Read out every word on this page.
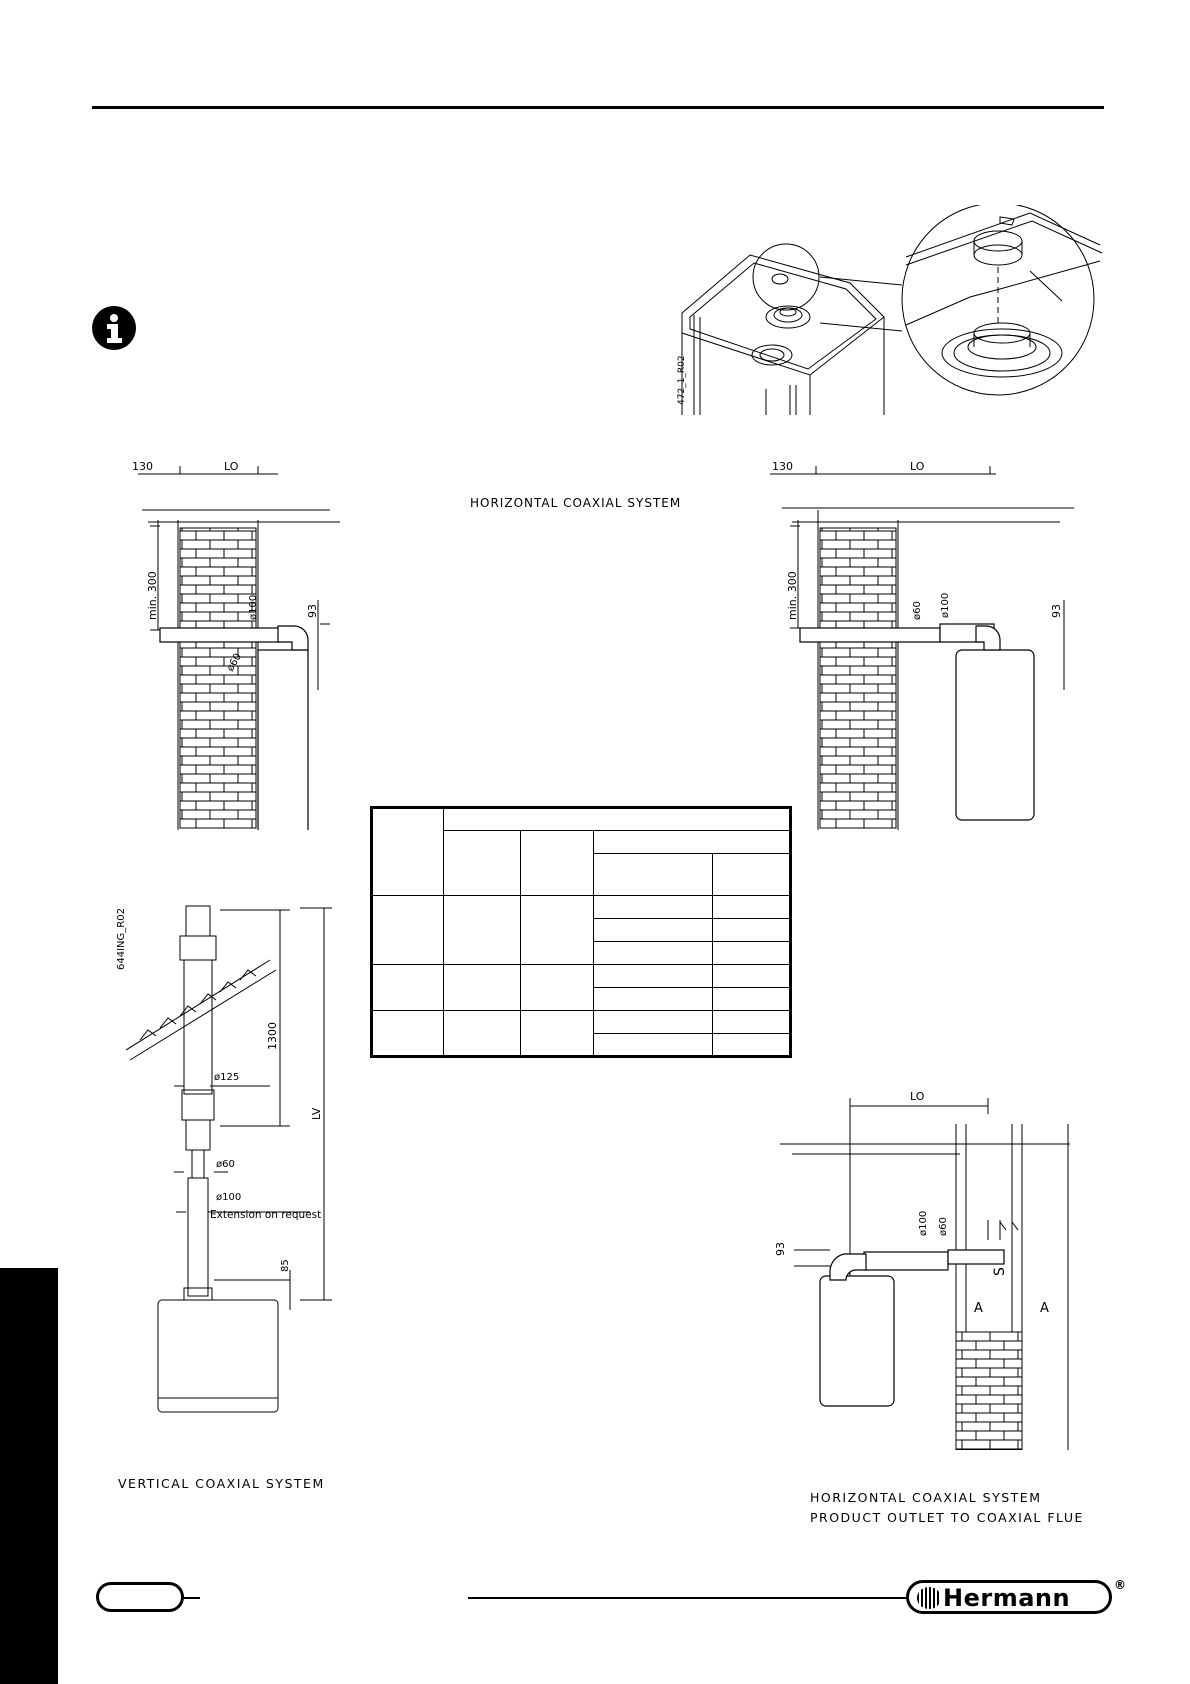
472_1_R02
130	LO
min. 300	ø100
ø60
93
HORIZONTAL COAXIAL SYSTEM
130	LO
min. 300	ø60 ø100	93

644ING_R02
1300
LV
ø125
ø60
ø100
Extension on request
85
VERTICAL COAXIAL SYSTEM
LO
93
ø100 ø60
S
A	A
HORIZONTAL COAXIAL SYSTEM
PRODUCT OUTLET TO COAXIAL FLUE
Hermann	®
